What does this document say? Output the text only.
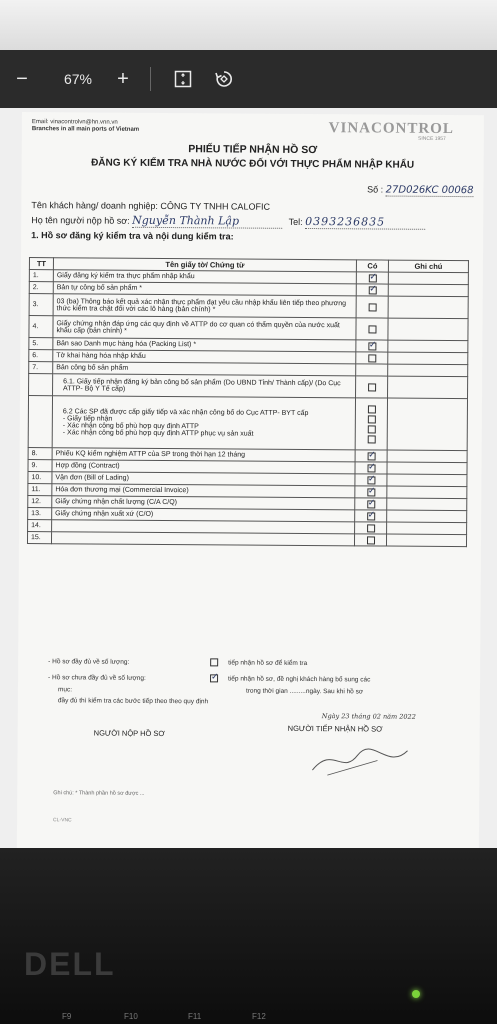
−	67% +
Email: vinacontrolvn@hn.vnn.vn
Branches in all main ports of Vietnam	VINACONTROL
SINCE 1957
PHIẾU TIẾP NHẬN HỒ SƠ
ĐĂNG KÝ KIỂM TRA NHÀ NƯỚC ĐỐI VỚI THỰC PHẨM NHẬP KHẨU
Số : 27D026KC 00068
Tên khách hàng/ doanh nghiệp: CÔNG TY TNHH CALOFIC
Họ tên người nộp hồ sơ: Nguyễn Thành Lập	Tel: 0393236835
1. Hồ sơ đăng ký kiểm tra và nội dung kiểm tra:
TT	Tên giấy tờ/ Chứng từ	Có	Ghi chú
1.	Giấy đăng ký kiểm tra thực phẩm nhập khẩu	✓	
2.	Bản tự công bố sản phẩm *	✓	
3.	03 (ba) Thông báo kết quả xác nhận thực phẩm đạt yêu cầu nhập khẩu liên tiếp theo phương thức kiểm tra chặt đối với các lô hàng (bản chính) *		
4.	Giấy chứng nhận đáp ứng các quy định về ATTP do cơ quan có thẩm quyền của nước xuất khẩu cấp (bản chính) *		
5.	Bản sao Danh mục hàng hóa (Packing List) *	✓	
6.	Tờ khai hàng hóa nhập khẩu		
7.	Bản công bố sản phẩm		
	6.1. Giấy tiếp nhận đăng ký bản công bố sản phẩm (Do UBND Tỉnh/ Thành cấp)/ (Do Cục ATTP- Bộ Y Tế cấp)		
	6.2 Các SP đã được cấp giấy tiếp và xác nhận công bố do Cục ATTP- BYT cấp
- Giấy tiếp nhận
- Xác nhận công bố phù hợp quy định ATTP
- Xác nhận công bố phù hợp quy định ATTP phục vụ sản xuất	

8.	Phiếu KQ kiểm nghiệm ATTP của SP trong thời hạn 12 tháng	✓	
9.	Hợp đồng (Contract)	✓	
10.	Vận đơn (Bill of Lading)	✓	
11.	Hóa đơn thương mại (Commercial Invoice)	✓	
12.	Giấy chứng nhận chất lượng (C/A C/Q)	✓	
13.	Giấy chứng nhận xuất xứ (C/O)	✓	
14.			
15.			
- Hồ sơ đầy đủ về số lượng:	tiếp nhận hồ sơ để kiểm tra
- Hồ sơ chưa đầy đủ về số lượng: ✓	tiếp nhận hồ sơ, đề nghị khách hàng bổ sung các
mục:	trong thời gian .........ngày. Sau khi hồ sơ
đầy đủ thì kiểm tra các bước tiếp theo theo quy định
Ngày 23 tháng 02 năm 2022
NGƯỜI NỘP HỒ SƠ	NGƯỜI TIẾP NHẬN HỒ SƠ
Ghi chú: * Thành phần hồ sơ được ...
CL-VNC
DELL
F9	F10	F11	F12
